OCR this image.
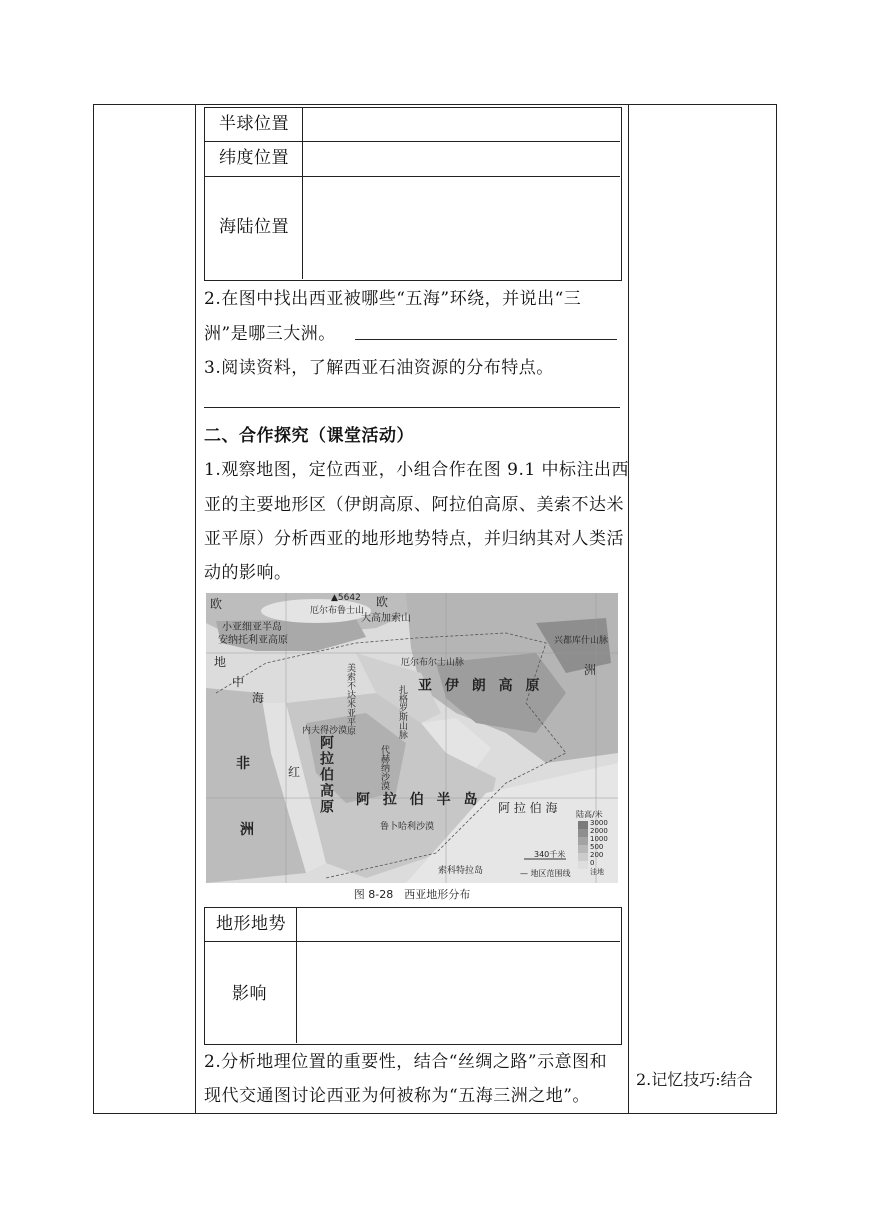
半球位置
纬度位置
海陆位置
2.在图中找出西亚被哪些“五海”环绕，并说出“三
洲”是哪三大洲。
3.阅读资料，了解西亚石油资源的分布特点。
二、合作探究（课堂活动）
1.观察地图，定位西亚，小组合作在图 9.1 中标注出西
亚的主要地形区（伊朗高原、阿拉伯高原、美索不达米
亚平原）分析西亚的地形地势特点，并归纳其对人类活
动的影响。
欧	▲5642
厄尔布鲁士山
欧
大高加索山
小亚细亚半岛
安纳托利亚高原
地
中
海
厄尔布尔士山脉
兴都库什山脉
洲
美索不达米亚平原	扎格罗斯山脉 亚 伊 朗 高 原
内夫得沙漠
非	红
洲
阿拉伯高原	代赫纳沙漠
阿 拉 伯 半 岛
鲁卜哈利沙漠
阿 拉 伯 海
索科特拉岛
陆高/米
3000
2000
1000
500
200
0
洼地
340千米
— 地区范围线
图 8-28　西亚地形分布
地形地势
影响
2.分析地理位置的重要性，结合“丝绸之路”示意图和
现代交通图讨论西亚为何被称为“五海三洲之地”。
2.记忆技巧:结合
